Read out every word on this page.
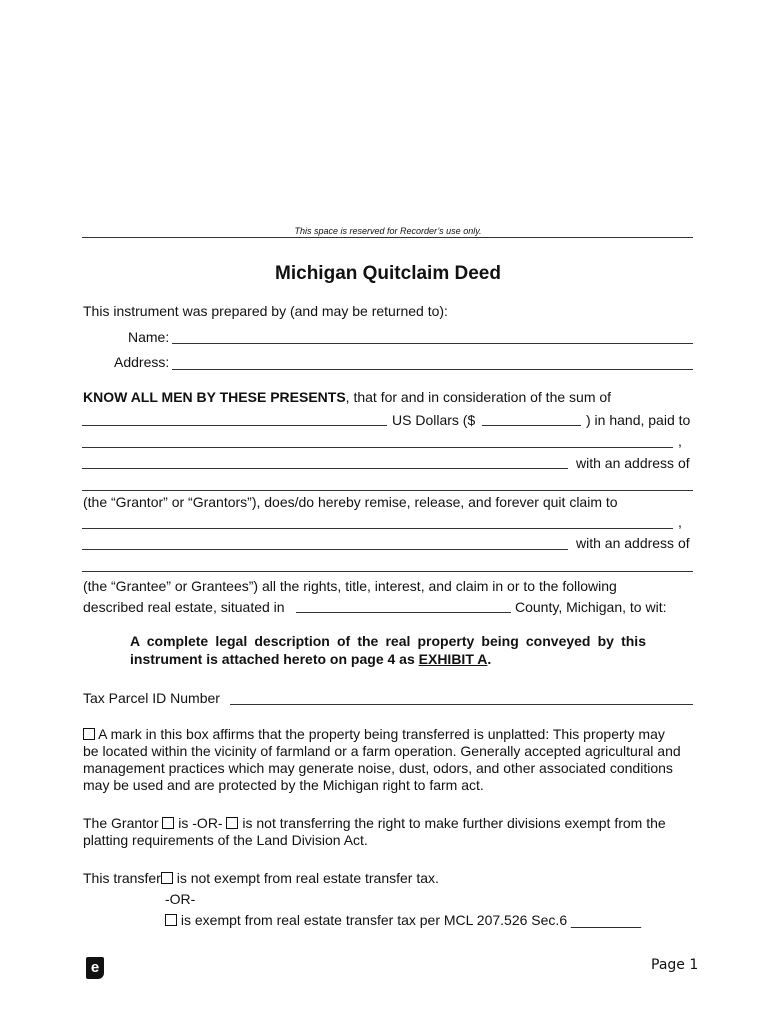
This space is reserved for Recorder’s use only.
Michigan Quitclaim Deed
This instrument was prepared by (and may be returned to):
Name:
Address:
KNOW ALL MEN BY THESE PRESENTS, that for and in consideration of the sum of
US Dollars ($	) in hand, paid to
,
with an address of
(the “Grantor” or “Grantors”), does/do hereby remise, release, and forever quit claim to
,
with an address of
(the “Grantee” or Grantees”) all the rights, title, interest, and claim in or to the following
described real estate, situated in	County, Michigan, to wit:
A complete legal description of the real property being conveyed by this
instrument is attached hereto on page 4 as EXHIBIT A.
Tax Parcel ID Number
A mark in this box affirms that the property being transferred is unplatted: This property may
be located within the vicinity of farmland or a farm operation. Generally accepted agricultural and
management practices which may generate noise, dust, odors, and other associated conditions
may be used and are protected by the Michigan right to farm act.
The Grantor is -OR- is not transferring the right to make further divisions exempt from the
platting requirements of the Land Division Act.
This transfer is not exempt from real estate transfer tax.
-OR-
is exempt from real estate transfer tax per MCL 207.526 Sec.6 _________
e	Page 1
